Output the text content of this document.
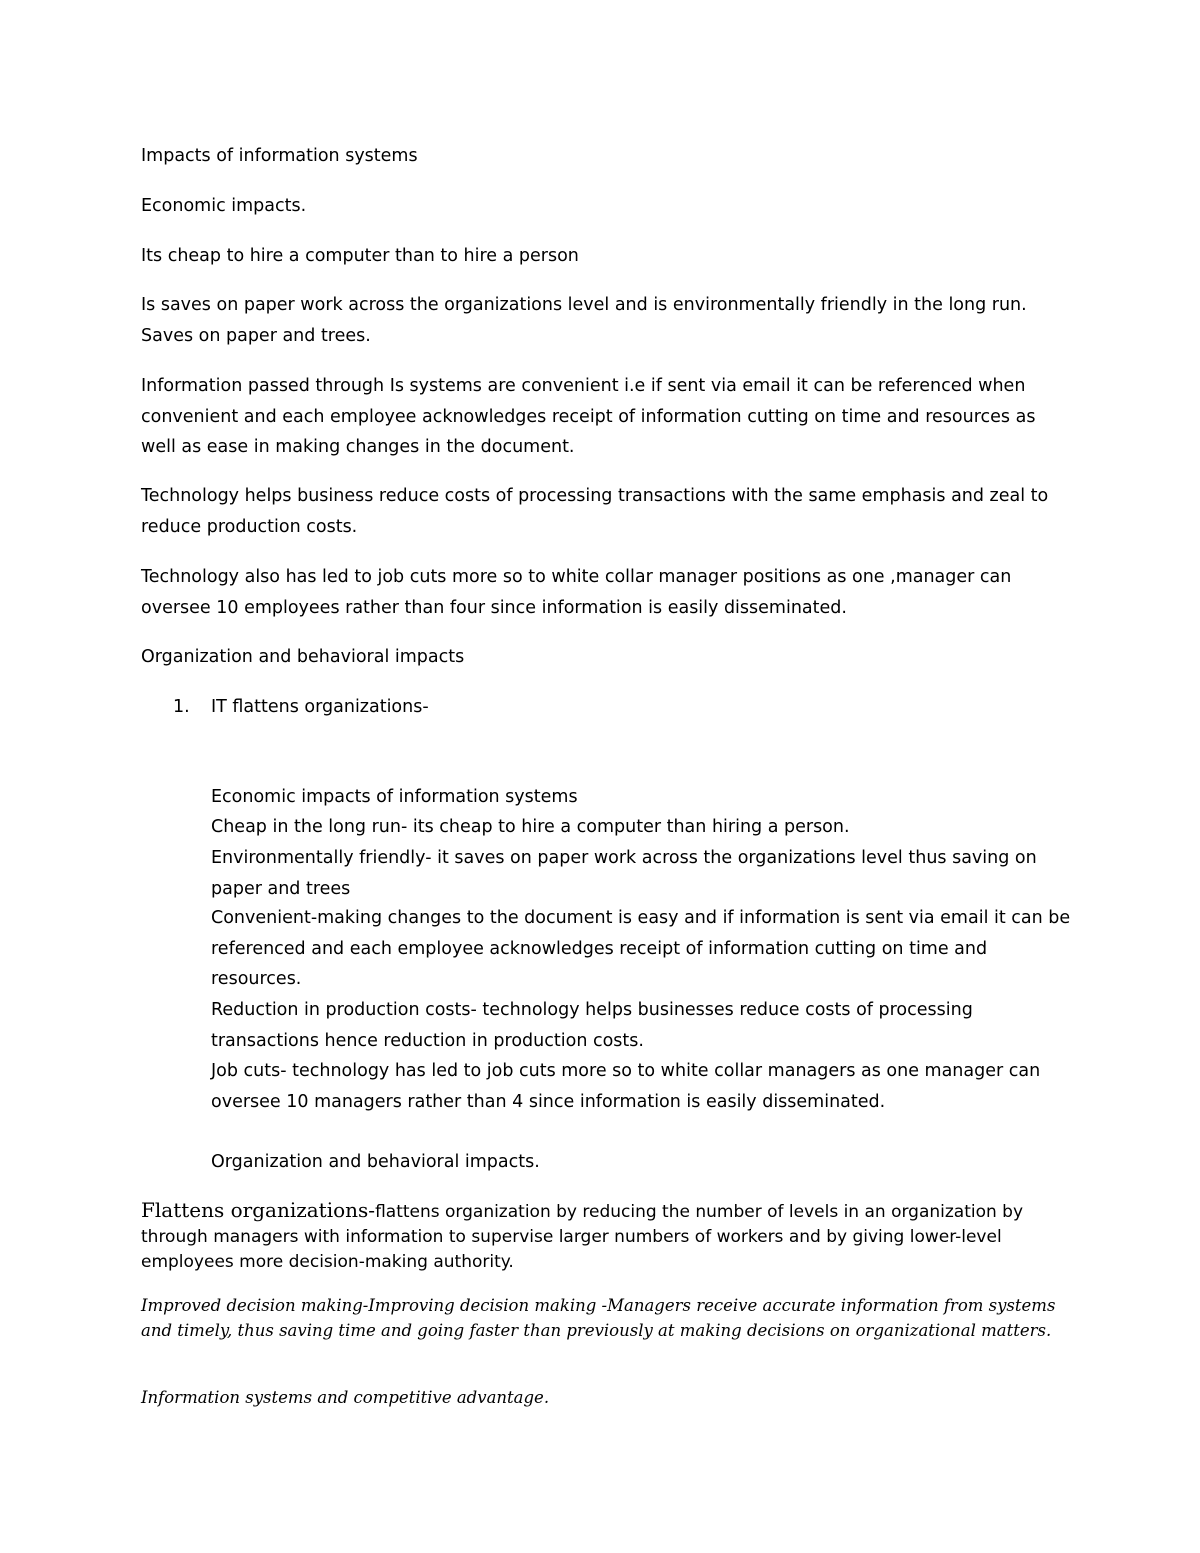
Impacts of information systems

Economic impacts.

Its cheap to hire a computer than to hire a person

Is saves on paper work across the organizations level and is environmentally friendly in the long run. Saves on paper and trees.

Information passed through Is systems are convenient i.e if sent via email it can be referenced when convenient and each employee acknowledges receipt of information cutting on time and resources as well as ease in making changes in the document.

Technology helps business reduce costs of processing transactions with the same emphasis and zeal to reduce production costs.

Technology also has led to job cuts more so to white collar manager positions as one ,manager can oversee 10 employees rather than four since information is easily disseminated.

Organization and behavioral impacts

1. IT flattens organizations-

Economic impacts of information systems

Cheap in the long run- its cheap to hire a computer than hiring a person.

Environmentally friendly- it saves on paper work across the organizations level thus saving on paper and trees

Convenient-making changes to the document is easy and if information is sent via email it can be referenced and each employee acknowledges receipt of information cutting on time and resources.

Reduction in production costs- technology helps businesses reduce costs of processing transactions hence reduction in production costs.

Job cuts- technology has led to job cuts more so to white collar managers as one manager can oversee 10 managers rather than 4 since information is easily disseminated.

Organization and behavioral impacts.

Flattens organizations-flattens organization by reducing the number of levels in an organization by through managers with information to supervise larger numbers of workers and by giving lower-level employees more decision-making authority.

Improved decision making-Improving decision making -Managers receive accurate information from systems and timely, thus saving time and going faster than previously at making decisions on organizational matters.

Information systems and competitive advantage.
